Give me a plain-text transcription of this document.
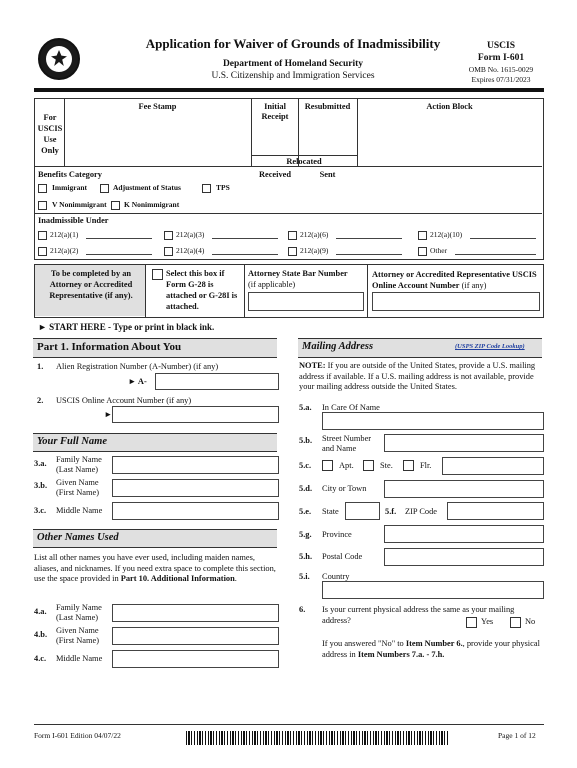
Application for Waiver of Grounds of Inadmissibility
Department of Homeland Security
U.S. Citizenship and Immigration Services
USCIS
Form I-601
OMB No. 1615-0029
Expires 07/31/2023
For USCIS Use Only
Fee Stamp	Initial Receipt
Resubmitted	Action Block
Relocated
Received	Sent
Benefits Category
Immigrant	Adjustment of Status	TPS
V Nonimmigrant K Nonimmigrant
Inadmissible Under
212(a)(1)	212(a)(3)	212(a)(6)	212(a)(10)
212(a)(2)	212(a)(4)	212(a)(9)	Other
To be completed by an Attorney or Accredited Representative (if any).
Select this box if Form G-28 is attached or G-28I is attached.
Attorney State Bar Number
(if applicable)
Attorney or Accredited Representative USCIS Online Account Number (if any)
► START HERE - Type or print in black ink.
Part 1. Information About You
1. Alien Registration Number (A-Number) (if any)
► A-
2. USCIS Online Account Number (if any)
►
Your Full Name
3.a. Family Name (Last Name)
3.b. Given Name (First Name)
3.c. Middle Name
Other Names Used
List all other names you have ever used, including maiden names, aliases, and nicknames. If you need extra space to complete this section, use the space provided in Part 10. Additional Information.
4.a. Family Name (Last Name)
4.b. Given Name (First Name)
4.c. Middle Name
Mailing Address	(USPS ZIP Code Lookup)
NOTE: If you are outside of the United States, provide a U.S. mailing address if available. If a U.S. mailing address is not available, provide your mailing address outside the United States.
5.a. In Care Of Name
5.b. Street Number and Name
5.c.	Apt.	Ste.	Flr.
5.d. City or Town
5.e. State	5.f. ZIP Code
5.g. Province
5.h. Postal Code
5.i. Country
6. Is your current physical address the same as your mailing address?	Yes	No
If you answered "No" to Item Number 6., provide your physical address in Item Numbers 7.a. - 7.h.
Form I-601 Edition 04/07/22	Page 1 of 12
